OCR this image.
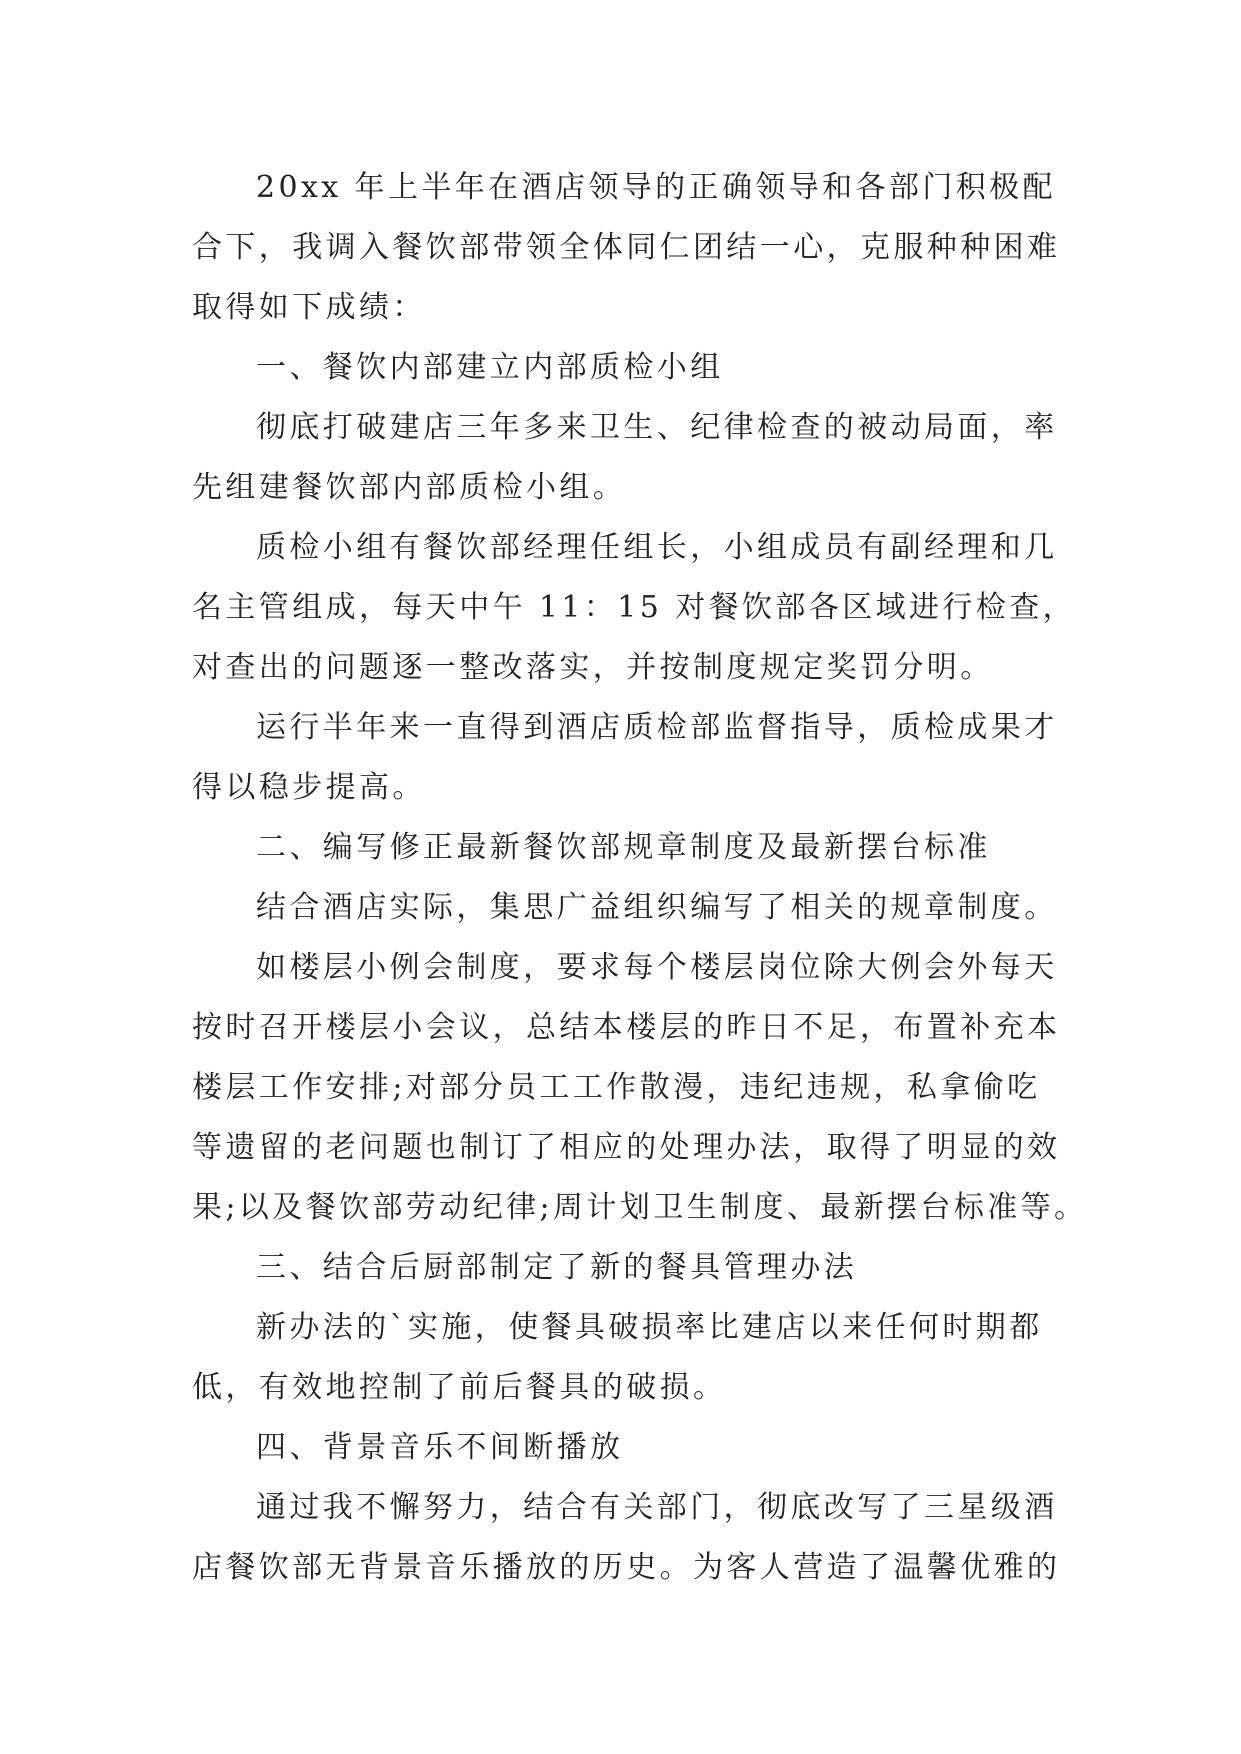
20xx 年上半年在酒店领导的正确领导和各部门积极配
合下，我调入餐饮部带领全体同仁团结一心，克服种种困难
取得如下成绩：
一、餐饮内部建立内部质检小组
彻底打破建店三年多来卫生、纪律检查的被动局面，率
先组建餐饮部内部质检小组。
质检小组有餐饮部经理任组长，小组成员有副经理和几
名主管组成，每天中午 11：15 对餐饮部各区域进行检查，
对查出的问题逐一整改落实，并按制度规定奖罚分明。
运行半年来一直得到酒店质检部监督指导，质检成果才
得以稳步提高。
二、编写修正最新餐饮部规章制度及最新摆台标准
结合酒店实际，集思广益组织编写了相关的规章制度。
如楼层小例会制度，要求每个楼层岗位除大例会外每天
按时召开楼层小会议，总结本楼层的昨日不足，布置补充本
楼层工作安排;对部分员工工作散漫，违纪违规，私拿偷吃
等遗留的老问题也制订了相应的处理办法，取得了明显的效
果;以及餐饮部劳动纪律;周计划卫生制度、最新摆台标准等。
三、结合后厨部制定了新的餐具管理办法
新办法的`实施，使餐具破损率比建店以来任何时期都
低，有效地控制了前后餐具的破损。
四、背景音乐不间断播放
通过我不懈努力，结合有关部门，彻底改写了三星级酒
店餐饮部无背景音乐播放的历史。为客人营造了温馨优雅的
